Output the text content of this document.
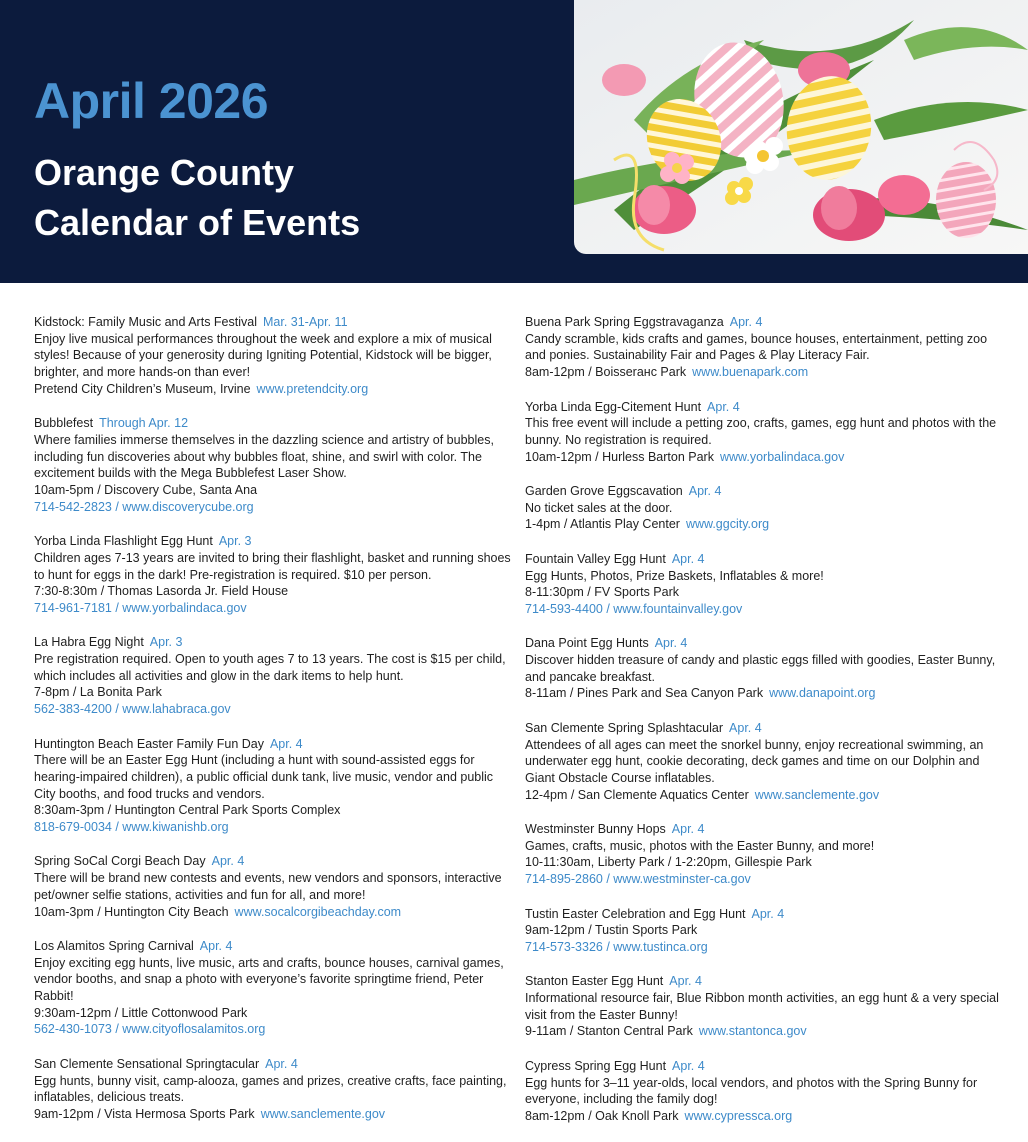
April 2026
Orange County
Calendar of Events

Kidstock: Family Music and Arts Festival Mar. 31-Apr. 11

Enjoy live musical performances throughout the week and explore a mix of musical styles! Because of your generosity during Igniting Potential, Kidstock will be bigger, brighter, and more hands-on than ever!

Pretend City Children’s Museum, Irvine www.pretendcity.org

Bubblefest Through Apr. 12

Where families immerse themselves in the dazzling science and artistry of bubbles, including fun discoveries about why bubbles float, shine, and swirl with color. The excitement builds with the Mega Bubblefest Laser Show.

10am-5pm / Discovery Cube, Santa Ana

714-542-2823 / www.discoverycube.org

Yorba Linda Flashlight Egg Hunt Apr. 3

Children ages 7-13 years are invited to bring their flashlight, basket and running shoes to hunt for eggs in the dark! Pre-registration is required. $10 per person.

7:30-8:30m / Thomas Lasorda Jr. Field House

714-961-7181 / www.yorbalindaca.gov

La Habra Egg Night Apr. 3

Pre registration required. Open to youth ages 7 to 13 years. The cost is $15 per child, which includes all activities and glow in the dark items to help hunt.

7-8pm / La Bonita Park

562-383-4200 / www.lahabraca.gov

Huntington Beach Easter Family Fun Day Apr. 4

There will be an Easter Egg Hunt (including a hunt with sound-assisted eggs for hearing-impaired children), a public official dunk tank, live music, vendor and public City booths, and food trucks and vendors.

8:30am-3pm / Huntington Central Park Sports Complex

818-679-0034 / www.kiwanishb.org

Spring SoCal Corgi Beach Day Apr. 4

There will be brand new contests and events, new vendors and sponsors, interactive pet/owner selfie stations, activities and fun for all, and more!

10am-3pm / Huntington City Beach www.socalcorgibeachday.com

Los Alamitos Spring Carnival Apr. 4

Enjoy exciting egg hunts, live music, arts and crafts, bounce houses, carnival games, vendor booths, and snap a photo with everyone’s favorite springtime friend, Peter Rabbit!

9:30am-12pm / Little Cottonwood Park

562-430-1073 / www.cityoflosalamitos.org

San Clemente Sensational Springtacular Apr. 4

Egg hunts, bunny visit, camp-alooza, games and prizes, creative crafts, face painting, inflatables, delicious treats.

9am-12pm / Vista Hermosa Sports Park www.sanclemente.gov

Buena Park Spring Eggstravaganza Apr. 4

Candy scramble, kids crafts and games, bounce houses, entertainment, petting zoo and ponies. Sustainability Fair and Pages & Play Literacy Fair.

8am-12pm / Boisserанc Park www.buenapark.com

Yorba Linda Egg-Citement Hunt Apr. 4

This free event will include a petting zoo, crafts, games, egg hunt and photos with the bunny. No registration is required.

10am-12pm / Hurless Barton Park www.yorbalindaca.gov

Garden Grove Eggscavation Apr. 4

No ticket sales at the door.

1-4pm / Atlantis Play Center www.ggcity.org

Fountain Valley Egg Hunt Apr. 4

Egg Hunts, Photos, Prize Baskets, Inflatables & more!

8-11:30pm / FV Sports Park

714-593-4400 / www.fountainvalley.gov

Dana Point Egg Hunts Apr. 4

Discover hidden treasure of candy and plastic eggs filled with goodies, Easter Bunny, and pancake breakfast.

8-11am / Pines Park and Sea Canyon Park www.danapoint.org

San Clemente Spring Splashtacular Apr. 4

Attendees of all ages can meet the snorkel bunny, enjoy recreational swimming, an underwater egg hunt, cookie decorating, deck games and time on our Dolphin and Giant Obstacle Course inflatables.

12-4pm / San Clemente Aquatics Center www.sanclemente.gov

Westminster Bunny Hops Apr. 4

Games, crafts, music, photos with the Easter Bunny, and more!

10-11:30am, Liberty Park / 1-2:20pm, Gillespie Park

714-895-2860 / www.westminster-ca.gov

Tustin Easter Celebration and Egg Hunt Apr. 4

9am-12pm / Tustin Sports Park

714-573-3326 / www.tustinca.org

Stanton Easter Egg Hunt Apr. 4

Informational resource fair, Blue Ribbon month activities, an egg hunt & a very special visit from the Easter Bunny!

9-11am / Stanton Central Park www.stantonca.gov

Cypress Spring Egg Hunt Apr. 4

Egg hunts for 3–11 year-olds, local vendors, and photos with the Spring Bunny for everyone, including the family dog!

8am-12pm / Oak Knoll Park www.cypressca.org
